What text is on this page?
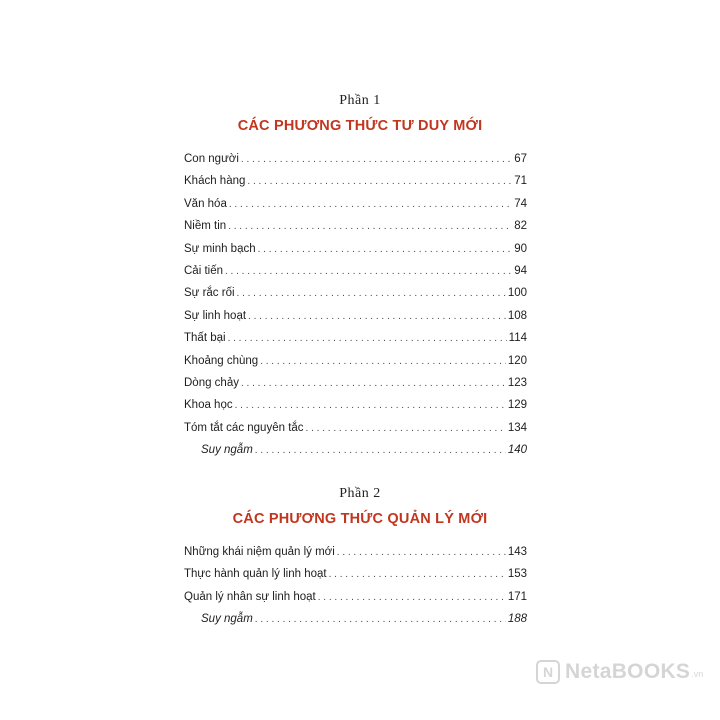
Phần 1
CÁC PHƯƠNG THỨC TƯ DUY MỚI
Con người . . .	67
Khách hàng . . .	71
Văn hóa . . .	74
Niềm tin . . .	82
Sự minh bạch . . .	90
Cải tiến . . .	94
Sự rắc rối . . .	100
Sự linh hoạt . . .	108
Thất bại . . .	114
Khoảng chùng . . .	120
Dòng chảy . . .	123
Khoa học . . .	129
Tóm tắt các nguyên tắc . . .	134
Suy ngẫm . . .	140
Phần 2
CÁC PHƯƠNG THỨC QUẢN LÝ MỚI
Những khái niệm quản lý mới . . .	143
Thực hành quản lý linh hoạt . . .	153
Quản lý nhân sự linh hoạt . . .	171
Suy ngẫm . . .	188
N NetaBOOKS .vn
